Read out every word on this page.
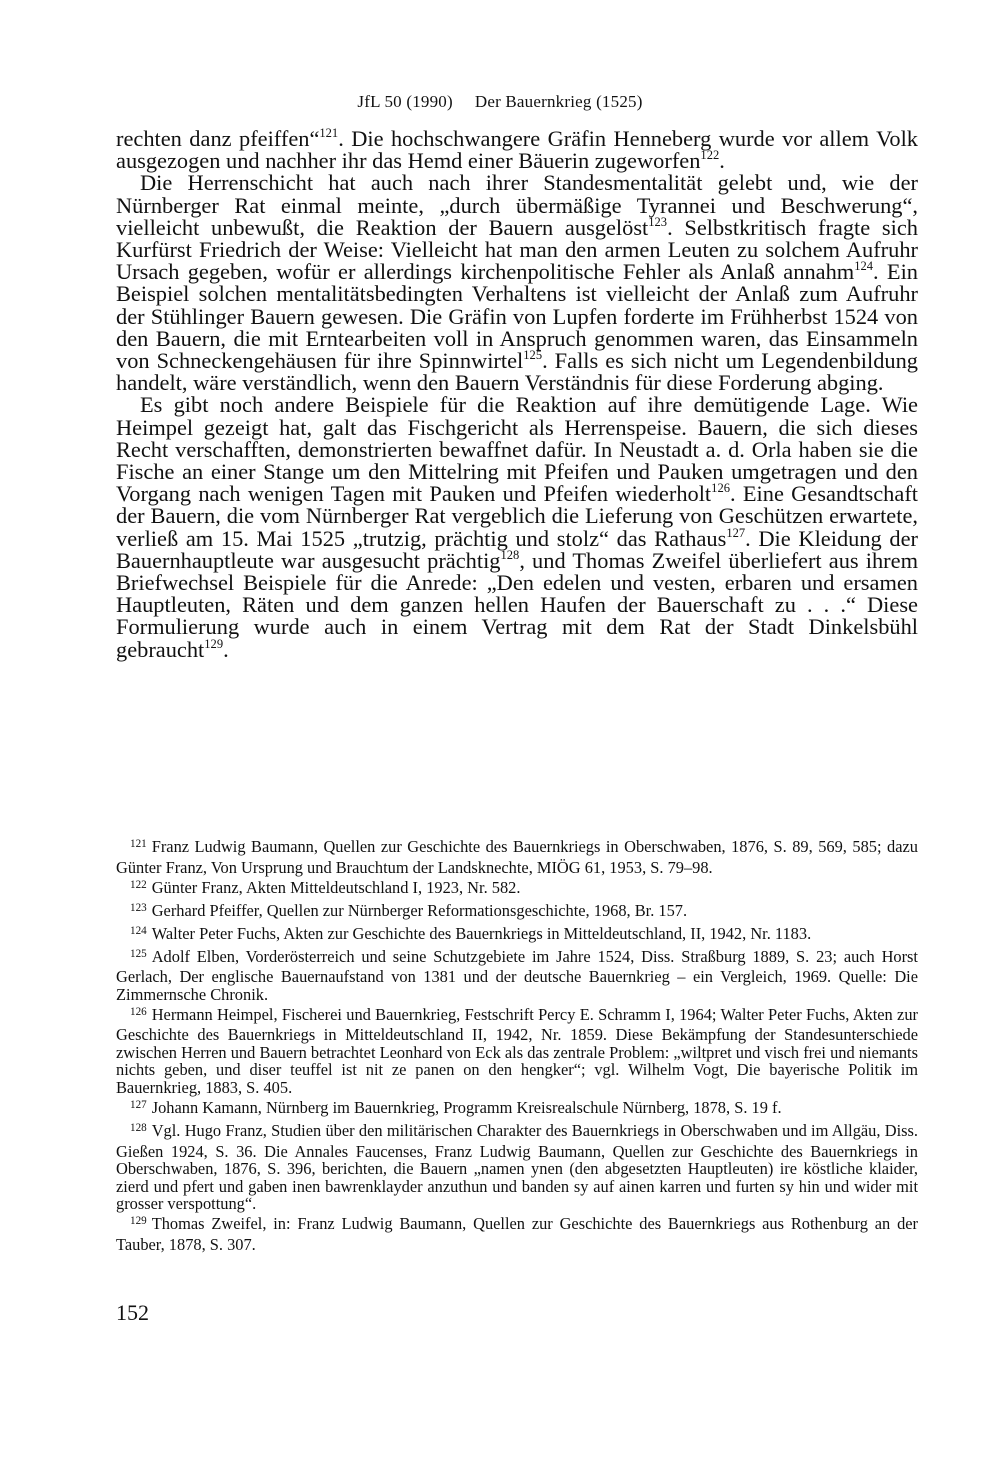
JfL 50 (1990) Der Bauernkrieg (1525)

rechten danz pfeiffen“$^{121}$. Die hochschwangere Gräfin Henneberg wurde vor allem Volk ausgezogen und nachher ihr das Hemd einer Bäuerin zugeworfen$^{122}$.

Die Herrenschicht hat auch nach ihrer Standesmentalität gelebt und, wie der Nürnberger Rat einmal meinte, „durch übermäßige Tyrannei und Beschwerung“, vielleicht unbewußt, die Reaktion der Bauern ausgelöst$^{123}$. Selbstkritisch fragte sich Kurfürst Friedrich der Weise: Vielleicht hat man den armen Leuten zu solchem Aufruhr Ursach gegeben, wofür er allerdings kirchenpolitische Fehler als Anlaß annahm$^{124}$. Ein Beispiel solchen mentalitätsbedingten Verhaltens ist vielleicht der Anlaß zum Aufruhr der Stühlinger Bauern gewesen. Die Gräfin von Lupfen forderte im Frühherbst 1524 von den Bauern, die mit Erntearbeiten voll in Anspruch genommen waren, das Einsammeln von Schneckengehäusen für ihre Spinnwirtel$^{125}$. Falls es sich nicht um Legendenbildung handelt, wäre verständlich, wenn den Bauern Verständnis für diese Forderung abging.

Es gibt noch andere Beispiele für die Reaktion auf ihre demütigende Lage. Wie Heimpel gezeigt hat, galt das Fischgericht als Herrenspeise. Bauern, die sich dieses Recht verschafften, demonstrierten bewaffnet dafür. In Neustadt a. d. Orla haben sie die Fische an einer Stange um den Mittelring mit Pfeifen und Pauken umgetragen und den Vorgang nach wenigen Tagen mit Pauken und Pfeifen wiederholt$^{126}$. Eine Gesandtschaft der Bauern, die vom Nürnberger Rat vergeblich die Lieferung von Geschützen erwartete, verließ am 15. Mai 1525 „trutzig, prächtig und stolz“ das Rathaus$^{127}$. Die Kleidung der Bauernhauptleute war ausgesucht prächtig$^{128}$, und Thomas Zweifel überliefert aus ihrem Briefwechsel Beispiele für die Anrede: „Den edelen und vesten, erbaren und ersamen Hauptleuten, Räten und dem ganzen hellen Haufen der Bauerschaft zu . . .“ Diese Formulierung wurde auch in einem Vertrag mit dem Rat der Stadt Dinkelsbühl gebraucht$^{129}$.

$^{121}$ Franz Ludwig Baumann, Quellen zur Geschichte des Bauernkriegs in Oberschwaben, 1876, S. 89, 569, 585; dazu Günter Franz, Von Ursprung und Brauchtum der Landsknechte, MIÖG 61, 1953, S. 79–98.

$^{122}$ Günter Franz, Akten Mitteldeutschland I, 1923, Nr. 582.

$^{123}$ Gerhard Pfeiffer, Quellen zur Nürnberger Reformationsgeschichte, 1968, Br. 157.

$^{124}$ Walter Peter Fuchs, Akten zur Geschichte des Bauernkriegs in Mitteldeutschland, II, 1942, Nr. 1183.

$^{125}$ Adolf Elben, Vorderösterreich und seine Schutzgebiete im Jahre 1524, Diss. Straßburg 1889, S. 23; auch Horst Gerlach, Der englische Bauernaufstand von 1381 und der deutsche Bauernkrieg – ein Vergleich, 1969. Quelle: Die Zimmernsche Chronik.

$^{126}$ Hermann Heimpel, Fischerei und Bauernkrieg, Festschrift Percy E. Schramm I, 1964; Walter Peter Fuchs, Akten zur Geschichte des Bauernkriegs in Mitteldeutschland II, 1942, Nr. 1859. Diese Bekämpfung der Standesunterschiede zwischen Herren und Bauern betrachtet Leonhard von Eck als das zentrale Problem: „wiltpret und visch frei und niemants nichts geben, und diser teuffel ist nit ze panen on den hengker“; vgl. Wilhelm Vogt, Die bayerische Politik im Bauernkrieg, 1883, S. 405.

$^{127}$ Johann Kamann, Nürnberg im Bauernkrieg, Programm Kreisrealschule Nürnberg, 1878, S. 19 f.

$^{128}$ Vgl. Hugo Franz, Studien über den militärischen Charakter des Bauernkriegs in Oberschwaben und im Allgäu, Diss. Gießen 1924, S. 36. Die Annales Faucenses, Franz Ludwig Baumann, Quellen zur Geschichte des Bauernkriegs in Oberschwaben, 1876, S. 396, berichten, die Bauern „namen ynen (den abgesetzten Hauptleuten) ire köstliche klaider, zierd und pfert und gaben inen bawrenklayder anzuthun und banden sy auf ainen karren und furten sy hin und wider mit grosser verspottung“.

$^{129}$ Thomas Zweifel, in: Franz Ludwig Baumann, Quellen zur Geschichte des Bauernkriegs aus Rothenburg an der Tauber, 1878, S. 307.

152
